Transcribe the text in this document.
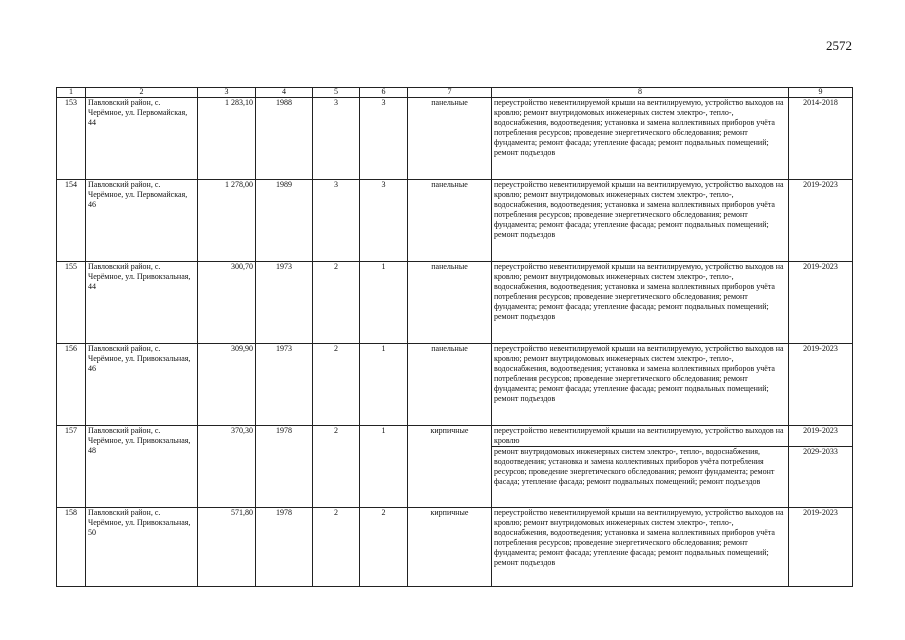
2572
1	2	3	4	5	6	7	8	9
153	Павловский район, с. Черёмное, ул. Первомайская, 44	1 283,10	1988	3	3	панельные	переустройство невентилируемой крыши на вентилируемую, устройство выходов на кровлю; ремонт внутридомовых инженерных систем электро-, тепло-, водоснабжения, водоотведения; установка и замена коллективных приборов учёта потребления ресурсов; проведение энергетического обследования; ремонт фундамента; ремонт фасада; утепление фасада; ремонт подвальных помещений; ремонт подъездов	2014-2018
154	Павловский район, с. Черёмное, ул. Первомайская, 46	1 278,00	1989	3	3	панельные	переустройство невентилируемой крыши на вентилируемую, устройство выходов на кровлю; ремонт внутридомовых инженерных систем электро-, тепло-, водоснабжения, водоотведения; установка и замена коллективных приборов учёта потребления ресурсов; проведение энергетического обследования; ремонт фундамента; ремонт фасада; утепление фасада; ремонт подвальных помещений; ремонт подъездов	2019-2023
155	Павловский район, с. Черёмное, ул. Привокзальная, 44	300,70	1973	2	1	панельные	переустройство невентилируемой крыши на вентилируемую, устройство выходов на кровлю; ремонт внутридомовых инженерных систем электро-, тепло-, водоснабжения, водоотведения; установка и замена коллективных приборов учёта потребления ресурсов; проведение энергетического обследования; ремонт фундамента; ремонт фасада; утепление фасада; ремонт подвальных помещений; ремонт подъездов	2019-2023
156	Павловский район, с. Черёмное, ул. Привокзальная, 46	309,90	1973	2	1	панельные	переустройство невентилируемой крыши на вентилируемую, устройство выходов на кровлю; ремонт внутридомовых инженерных систем электро-, тепло-, водоснабжения, водоотведения; установка и замена коллективных приборов учёта потребления ресурсов; проведение энергетического обследования; ремонт фундамента; ремонт фасада; утепление фасада; ремонт подвальных помещений; ремонт подъездов	2019-2023
157	Павловский район, с. Черёмное, ул. Привокзальная, 48	370,30	1978	2	1	кирпичные	переустройство невентилируемой крыши на вентилируемую, устройство выходов на кровлю	2019-2023
							ремонт внутридомовых инженерных систем электро-, тепло-, водоснабжения, водоотведения; установка и замена коллективных приборов учёта потребления ресурсов; проведение энергетического обследования; ремонт фундамента; ремонт фасада; утепление фасада; ремонт подвальных помещений; ремонт подъездов	2029-2033
158	Павловский район, с. Черёмное, ул. Привокзальная, 50	571,80	1978	2	2	кирпичные	переустройство невентилируемой крыши на вентилируемую, устройство выходов на кровлю; ремонт внутридомовых инженерных систем электро-, тепло-, водоснабжения, водоотведения; установка и замена коллективных приборов учёта потребления ресурсов; проведение энергетического обследования; ремонт фундамента; ремонт фасада; утепление фасада; ремонт подвальных помещений; ремонт подъездов	2019-2023
